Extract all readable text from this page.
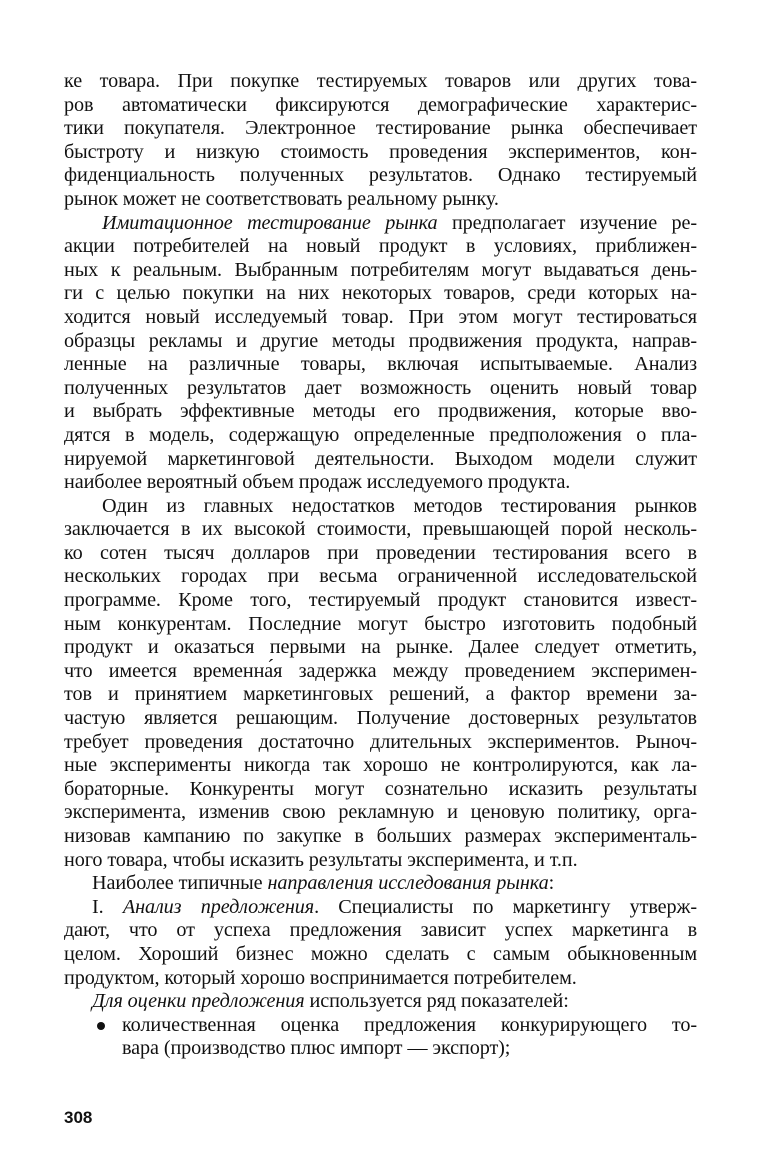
ке товара. При покупке тестируемых товаров или других това-
ров автоматически фиксируются демографические характерис-
тики покупателя. Электронное тестирование рынка обеспечивает
быстроту и низкую стоимость проведения экспериментов, кон-
фиденциальность полученных результатов. Однако тестируемый
рынок может не соответствовать реальному рынку.
Имитационное тестирование рынка предполагает изучение ре-
акции потребителей на новый продукт в условиях, приближен-
ных к реальным. Выбранным потребителям могут выдаваться день-
ги с целью покупки на них некоторых товаров, среди которых на-
ходится новый исследуемый товар. При этом могут тестироваться
образцы рекламы и другие методы продвижения продукта, направ-
ленные на различные товары, включая испытываемые. Анализ
полученных результатов дает возможность оценить новый товар
и выбрать эффективные методы его продвижения, которые вво-
дятся в модель, содержащую определенные предположения о пла-
нируемой маркетинговой деятельности. Выходом модели служит
наиболее вероятный объем продаж исследуемого продукта.
Один из главных недостатков методов тестирования рынков
заключается в их высокой стоимости, превышающей порой несколь-
ко сотен тысяч долларов при проведении тестирования всего в
нескольких городах при весьма ограниченной исследовательской
программе. Кроме того, тестируемый продукт становится извест-
ным конкурентам. Последние могут быстро изготовить подобный
продукт и оказаться первыми на рынке. Далее следует отметить,
что имеется временна́я задержка между проведением эксперимен-
тов и принятием маркетинговых решений, а фактор времени за-
частую является решающим. Получение достоверных результатов
требует проведения достаточно длительных экспериментов. Рыноч-
ные эксперименты никогда так хорошо не контролируются, как ла-
бораторные. Конкуренты могут сознательно исказить результаты
эксперимента, изменив свою рекламную и ценовую политику, орга-
низовав кампанию по закупке в больших размерах эксперименталь-
ного товара, чтобы исказить результаты эксперимента, и т.п.
Наиболее типичные направления исследования рынка:
I. Анализ предложения. Специалисты по маркетингу утверж-
дают, что от успеха предложения зависит успех маркетинга в
целом. Хороший бизнес можно сделать с самым обыкновенным
продуктом, который хорошо воспринимается потребителем.
Для оценки предложения используется ряд показателей:
количественная оценка предложения конкурирующего то-
вара (производство плюс импорт — экспорт);
308
